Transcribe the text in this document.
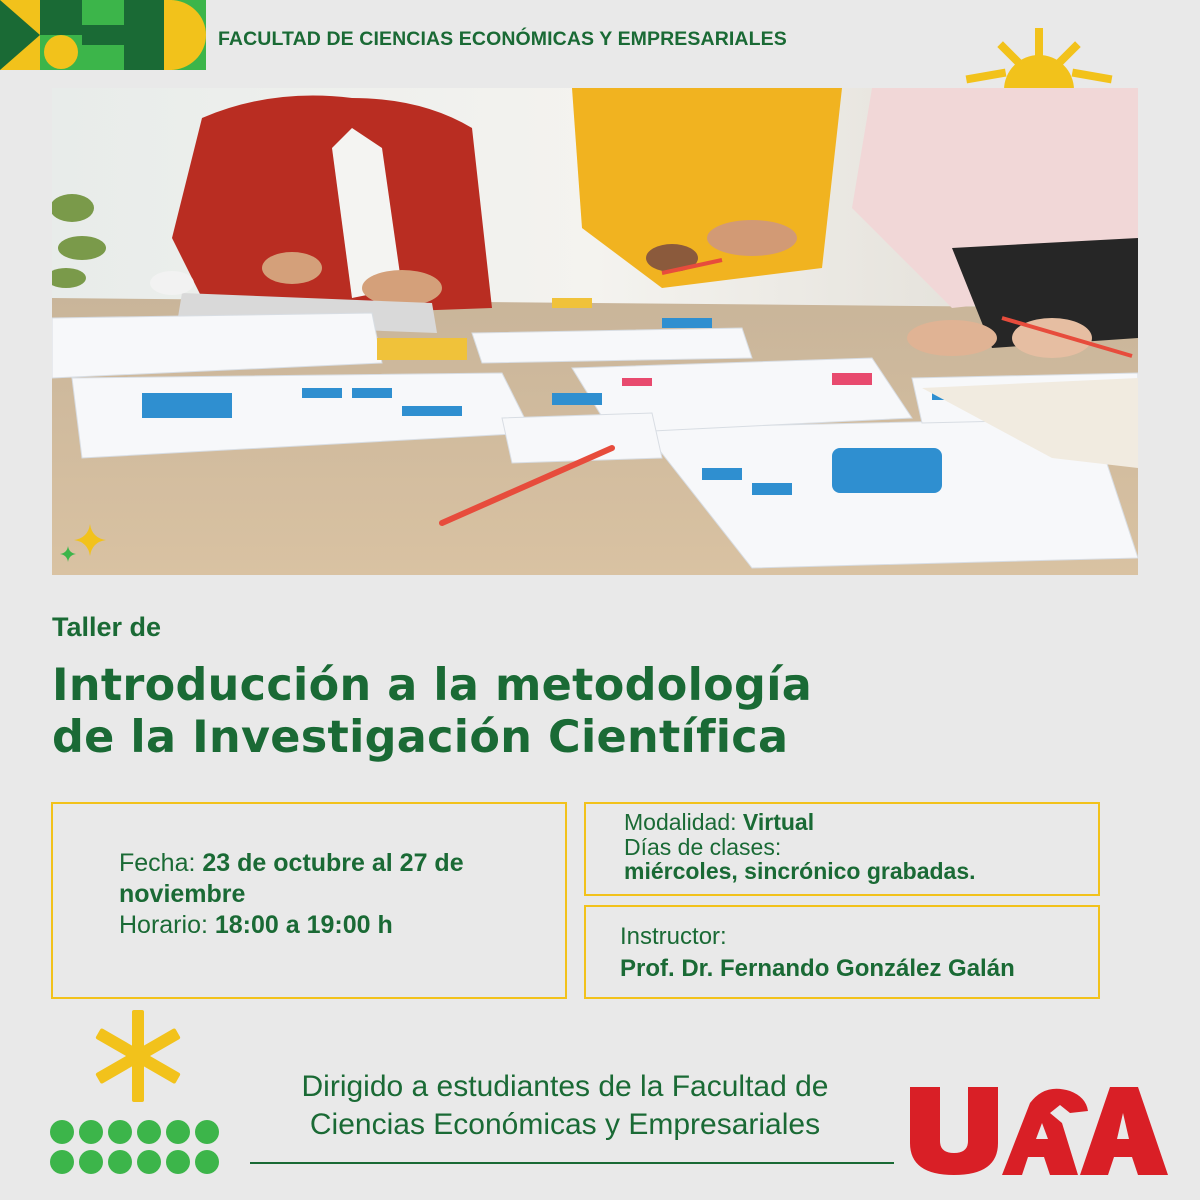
FACULTAD DE CIENCIAS ECONÓMICAS Y EMPRESARIALES
Taller de
Introducción a la metodología
de la Investigación Científica
Fecha: 23 de octubre al 27 de noviembre
Horario: 18:00 a 19:00 h
Modalidad: Virtual
Días de clases:
miércoles, sincrónico grabadas.
Instructor:
Prof. Dr. Fernando González Galán
Dirigido a estudiantes de la Facultad de
Ciencias Económicas y Empresariales
